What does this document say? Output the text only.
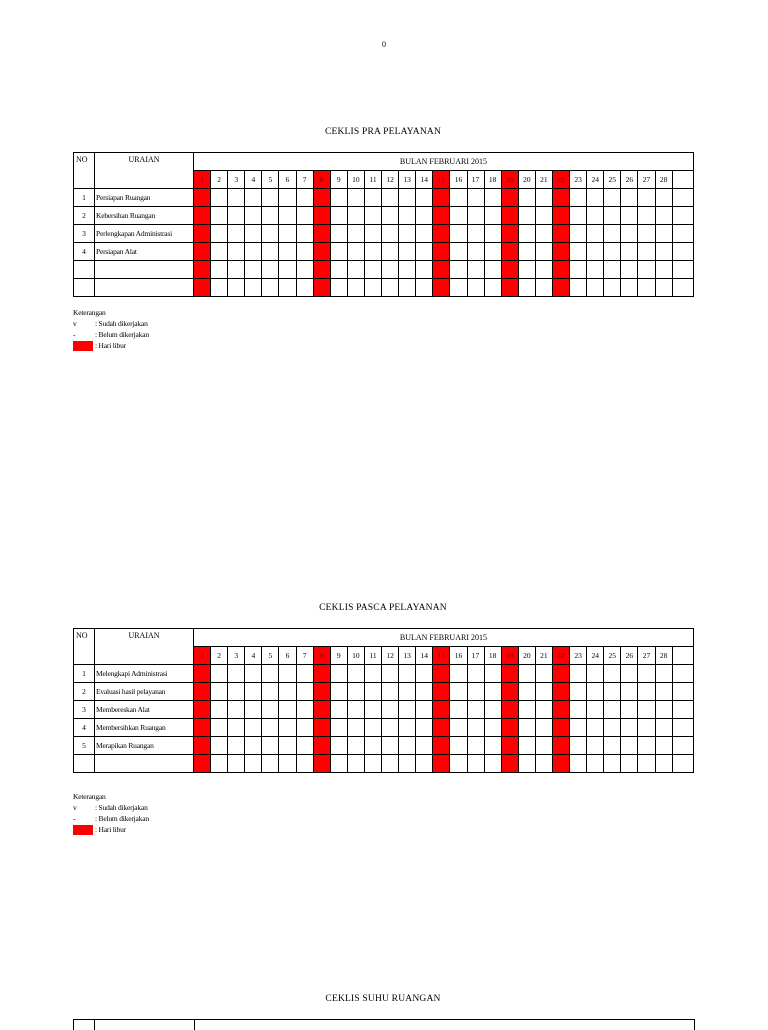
0
CEKLIS PRA PELAYANAN
NO	URAIAN	BULAN FEBRUARI 2015																												
		1	2	3	4	5	6	7	8	9	10	11	12	13	14	15	16	17	18	19	20	21	22	23	24	25	26	27	28	
1	Persiapan Ruangan																													
2	Kebersihan Ruangan																													
3	Perlengkapan Administrasi																													
4	Persiapan Alat																													

Keterangan
v	: Sudah dikerjakan
-	: Belum dikerjakan
: Hari libur
CEKLIS PASCA PELAYANAN
NO	URAIAN	BULAN FEBRUARI 2015																												
		1	2	3	4	5	6	7	8	9	10	11	12	13	14	15	16	17	18	19	20	21	22	23	24	25	26	27	28	
1	Melengkapi Administrasi																													
2	Evaluasi hasil pelayanan																													
3	Membereskan Alat																													
4	Membersihkan Ruangan																													
5	Merapikan Ruangan																													

Keterangan
v	: Sudah dikerjakan
-	: Belum dikerjakan
: Hari libur
CEKLIS SUHU RUANGAN
